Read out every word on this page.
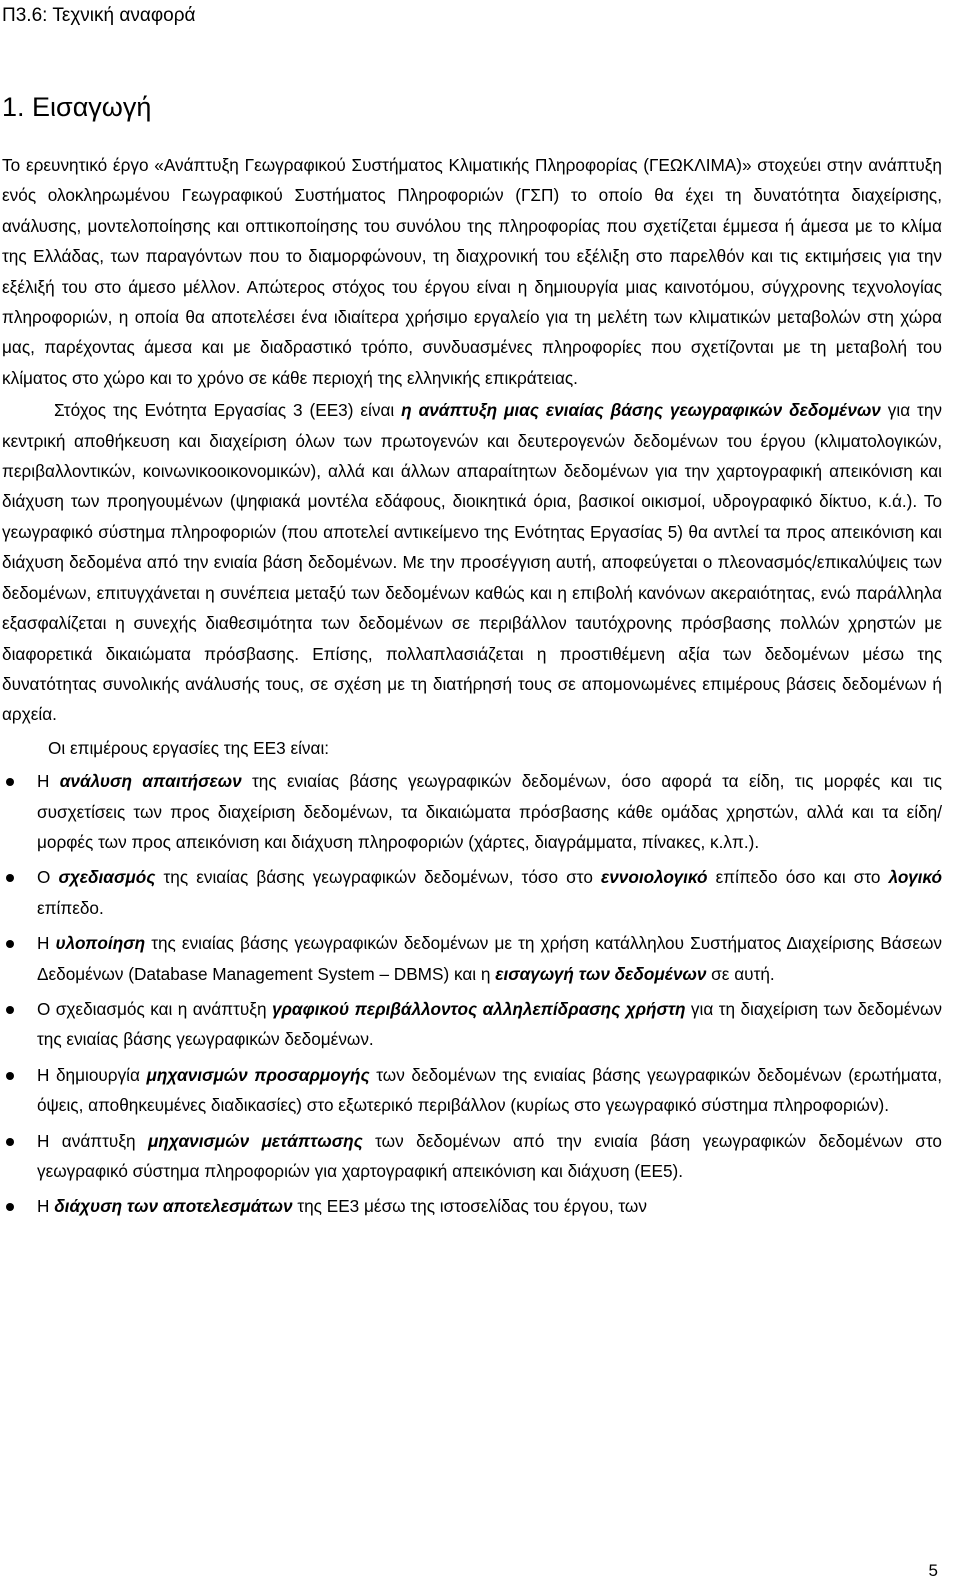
Π3.6: Τεχνική αναφορά
1. Εισαγωγή

Το ερευνητικό έργο «Ανάπτυξη Γεωγραφικού Συστήματος Κλιματικής Πληροφορίας (ΓΕΩΚΛΙΜΑ)» στοχεύει στην ανάπτυξη ενός ολοκληρωμένου Γεωγραφικού Συστήματος Πληροφοριών (ΓΣΠ) το οποίο θα έχει τη δυνατότητα διαχείρισης, ανάλυσης, μοντελοποίησης και οπτικοποίησης του συνόλου της πληροφορίας που σχετίζεται έμμεσα ή άμεσα με το κλίμα της Ελλάδας, των παραγόντων που το διαμορφώνουν, τη διαχρονική του εξέλιξη στο παρελθόν και τις εκτιμήσεις για την εξέλιξή του στο άμεσο μέλλον. Απώτερος στόχος του έργου είναι η δημιουργία μιας καινοτόμου, σύγχρονης τεχνολογίας πληροφοριών, η οποία θα αποτελέσει ένα ιδιαίτερα χρήσιμο εργαλείο για τη μελέτη των κλιματικών μεταβολών στη χώρα μας, παρέχοντας άμεσα και με διαδραστικό τρόπο, συνδυασμένες πληροφορίες που σχετίζονται με τη μεταβολή του κλίματος στο χώρο και το χρόνο σε κάθε περιοχή της ελληνικής επικράτειας.

Στόχος της Ενότητα Εργασίας 3 (ΕΕ3) είναι η ανάπτυξη μιας ενιαίας βάσης γεωγραφικών δεδομένων για την κεντρική αποθήκευση και διαχείριση όλων των πρωτογενών και δευτερογενών δεδομένων του έργου (κλιματολογικών, περιβαλλοντικών, κοινωνικοοικονομικών), αλλά και άλλων απαραίτητων δεδομένων για την χαρτογραφική απεικόνιση και διάχυση των προηγουμένων (ψηφιακά μοντέλα εδάφους, διοικητικά όρια, βασικοί οικισμοί, υδρογραφικό δίκτυο, κ.ά.). Το γεωγραφικό σύστημα πληροφοριών (που αποτελεί αντικείμενο της Ενότητας Εργασίας 5) θα αντλεί τα προς απεικόνιση και διάχυση δεδομένα από την ενιαία βάση δεδομένων. Με την προσέγγιση αυτή, αποφεύγεται ο πλεονασμός/επικαλύψεις των δεδομένων, επιτυγχάνεται η συνέπεια μεταξύ των δεδομένων καθώς και η επιβολή κανόνων ακεραιότητας, ενώ παράλληλα εξασφαλίζεται η συνεχής διαθεσιμότητα των δεδομένων σε περιβάλλον ταυτόχρονης πρόσβασης πολλών χρηστών με διαφορετικά δικαιώματα πρόσβασης. Επίσης, πολλαπλασιάζεται η προστιθέμενη αξία των δεδομένων μέσω της δυνατότητας συνολικής ανάλυσής τους, σε σχέση με τη διατήρησή τους σε απομονωμένες επιμέρους βάσεις δεδομένων ή αρχεία.

Οι επιμέρους εργασίες της ΕΕ3 είναι:

Η ανάλυση απαιτήσεων της ενιαίας βάσης γεωγραφικών δεδομένων, όσο αφορά τα είδη, τις μορφές και τις συσχετίσεις των προς διαχείριση δεδομένων, τα δικαιώματα πρόσβασης κάθε ομάδας χρηστών, αλλά και τα είδη/μορφές των προς απεικόνιση και διάχυση πληροφοριών (χάρτες, διαγράμματα, πίνακες, κ.λπ.).
Ο σχεδιασμός της ενιαίας βάσης γεωγραφικών δεδομένων, τόσο στο εννοιολογικό επίπεδο όσο και στο λογικό επίπεδο.
Η υλοποίηση της ενιαίας βάσης γεωγραφικών δεδομένων με τη χρήση κατάλληλου Συστήματος Διαχείρισης Βάσεων Δεδομένων (Database Management System – DBMS) και η εισαγωγή των δεδομένων σε αυτή.
Ο σχεδιασμός και η ανάπτυξη γραφικού περιβάλλοντος αλληλεπίδρασης χρήστη για τη διαχείριση των δεδομένων της ενιαίας βάσης γεωγραφικών δεδομένων.
Η δημιουργία μηχανισμών προσαρμογής των δεδομένων της ενιαίας βάσης γεωγραφικών δεδομένων (ερωτήματα, όψεις, αποθηκευμένες διαδικασίες) στο εξωτερικό περιβάλλον (κυρίως στο γεωγραφικό σύστημα πληροφοριών).
Η ανάπτυξη μηχανισμών μετάπτωσης των δεδομένων από την ενιαία βάση γεωγραφικών δεδομένων στο γεωγραφικό σύστημα πληροφοριών για χαρτογραφική απεικόνιση και διάχυση (ΕΕ5).
Η διάχυση των αποτελεσμάτων της ΕΕ3 μέσω της ιστοσελίδας του έργου, των
5
